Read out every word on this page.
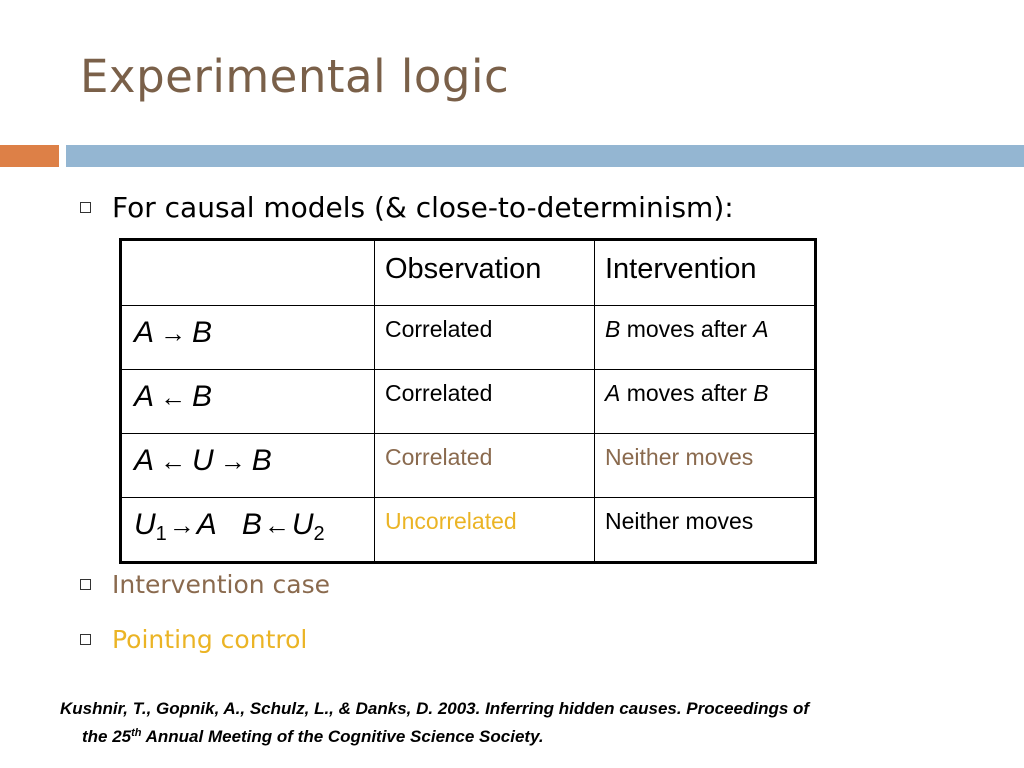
Experimental logic
For causal models (& close-to-determinism):

	Observation	Intervention

A → B	Correlated	B moves after A

A ← B	Correlated	A moves after B

A ← U → B	Correlated	Neither moves

$U_1\to A$ $B\leftarrow U_2$	Uncorrelated	Neither moves
Intervention case
Pointing control
Kushnir, T., Gopnik, A., Schulz, L., & Danks, D. 2003. Inferring hidden causes. Proceedings of
the 25th Annual Meeting of the Cognitive Science Society.
